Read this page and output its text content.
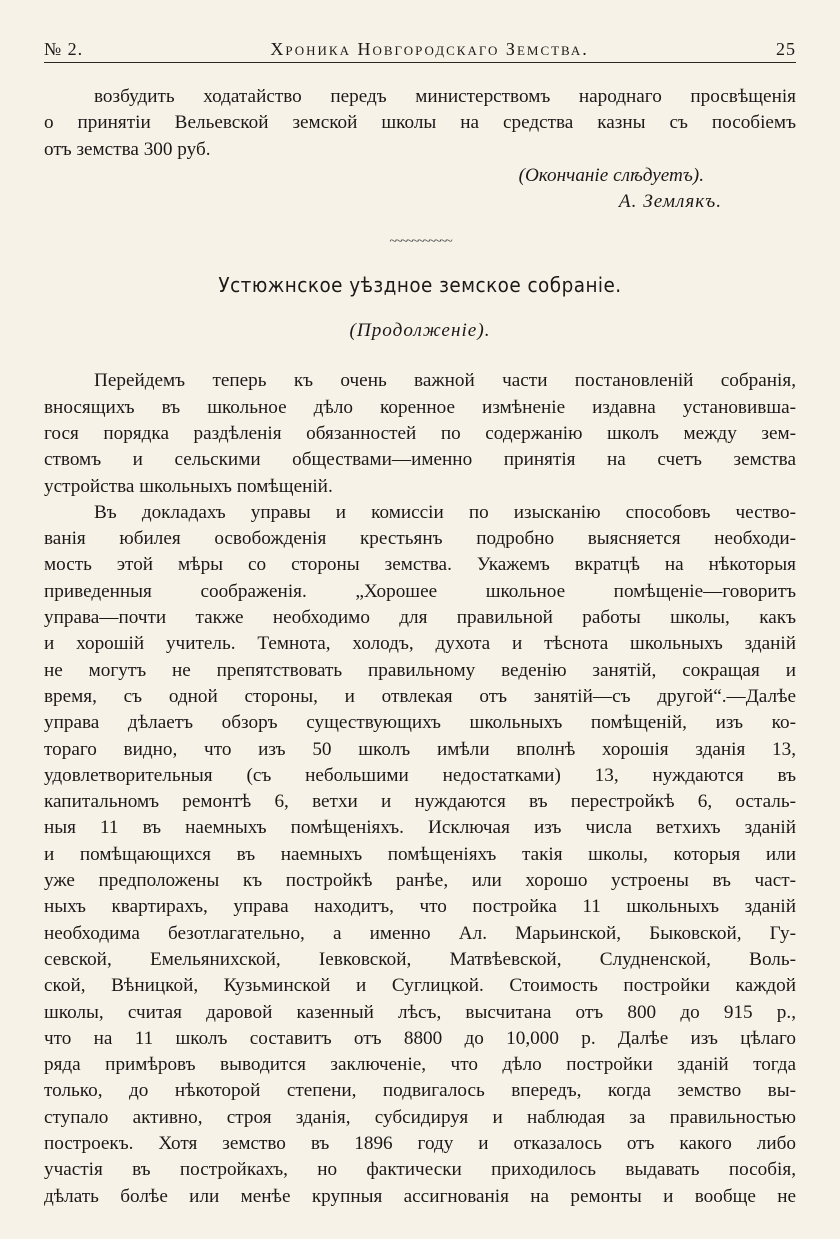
№ 2.	Хроника Новгородскаго Земства.	25
возбудить ходатайство передъ министерствомъ народнаго просвѣщенія
о принятіи Вельевской земской школы на средства казны съ пособіемъ
отъ земства 300 руб.
(Окончаніе слѣдуетъ).
А. Землякъ.
~~~~~~~~~~~
Устюжнское уѣздное земское собраніе.
(Продолженіе).
Перейдемъ теперь къ очень важной части постановленій собранія,
вносящихъ въ школьное дѣло коренное измѣненіе издавна установивша-
гося порядка раздѣленія обязанностей по содержанію школъ между зем-
ствомъ и сельскими обществами—именно принятія на счетъ земства
устройства школьныхъ помѣщеній.
Въ докладахъ управы и комиссіи по изысканію способовъ чество-
ванія юбилея освобожденія крестьянъ подробно выясняется необходи-
мость этой мѣры со стороны земства. Укажемъ вкратцѣ на нѣкоторыя
приведенныя соображенія. „Хорошее школьное помѣщеніе—говоритъ
управа—почти также необходимо для правильной работы школы, какъ
и хорошій учитель. Темнота, холодъ, духота и тѣснота школьныхъ зданій
не могутъ не препятствовать правильному веденію занятій, сокращая и
время, съ одной стороны, и отвлекая отъ занятій—съ другой“.—Далѣе
управа дѣлаетъ обзоръ существующихъ школьныхъ помѣщеній, изъ ко-
тораго видно, что изъ 50 школъ имѣли вполнѣ хорошія зданія 13,
удовлетворительныя (съ небольшими недостатками) 13, нуждаются въ
капитальномъ ремонтѣ 6, ветхи и нуждаются въ перестройкѣ 6, осталь-
ныя 11 въ наемныхъ помѣщеніяхъ. Исключая изъ числа ветхихъ зданій
и помѣщающихся въ наемныхъ помѣщеніяхъ такія школы, которыя или
уже предположены къ постройкѣ ранѣе, или хорошо устроены въ част-
ныхъ квартирахъ, управа находитъ, что постройка 11 школьныхъ зданій
необходима безотлагательно, а именно Ал. Марьинской, Быковской, Гу-
севской, Емельянихской, Іевковской, Матвѣевской, Слудненской, Воль-
ской, Вѣницкой, Кузьминской и Суглицкой. Стоимость постройки каждой
школы, считая даровой казенный лѣсъ, высчитана отъ 800 до 915 р.,
что на 11 школъ составитъ отъ 8800 до 10,000 р. Далѣе изъ цѣлаго
ряда примѣровъ выводится заключеніе, что дѣло постройки зданій тогда
только, до нѣкоторой степени, подвигалось впередъ, когда земство вы-
ступало активно, строя зданія, субсидируя и наблюдая за правильностью
построекъ. Хотя земство въ 1896 году и отказалось отъ какого либо
участія въ постройкахъ, но фактически приходилось выдавать пособія,
дѣлать болѣе или менѣе крупныя ассигнованія на ремонты и вообще не
